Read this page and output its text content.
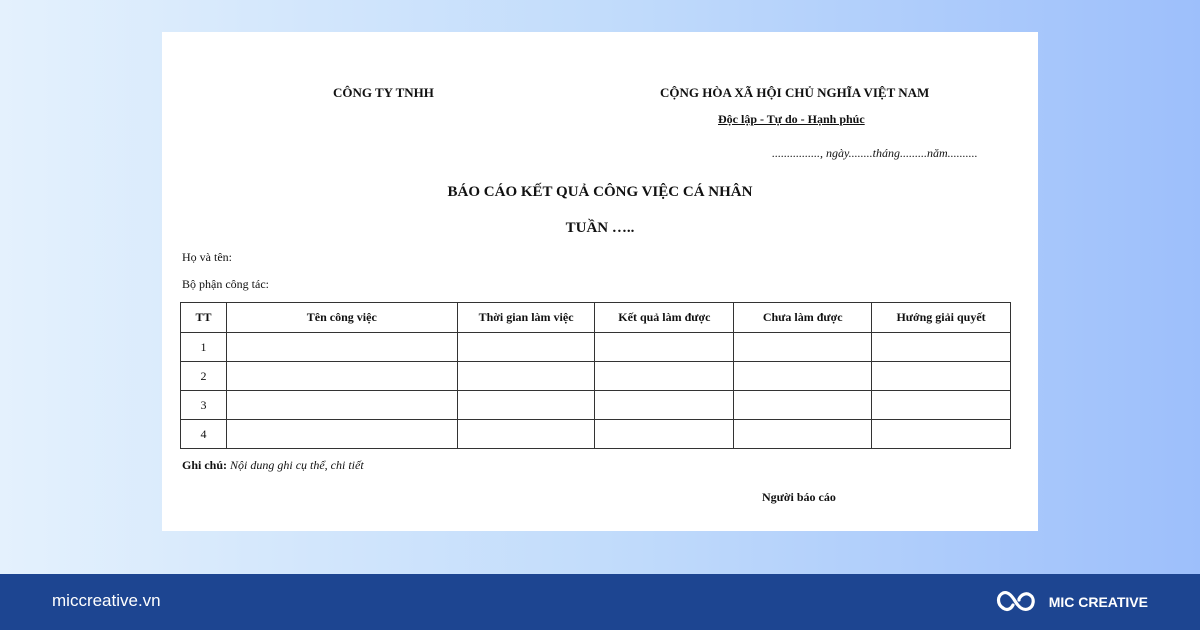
CÔNG TY TNHH	CỘNG HÒA XÃ HỘI CHỦ NGHĨA VIỆT NAM
Độc lập - Tự do - Hạnh phúc
................, ngày........tháng.........năm..........
BÁO CÁO KẾT QUẢ CÔNG VIỆC CÁ NHÂN
TUẦN …..
Họ và tên:
Bộ phận công tác:
TT	Tên công việc	Thời gian làm việc	Kết quả làm được	Chưa làm được	Hướng giải quyết
1					
2					
3					
4					
Ghi chú: Nội dung ghi cụ thể, chi tiết
Người báo cáo
miccreative.vn	MIC CREATIVE
